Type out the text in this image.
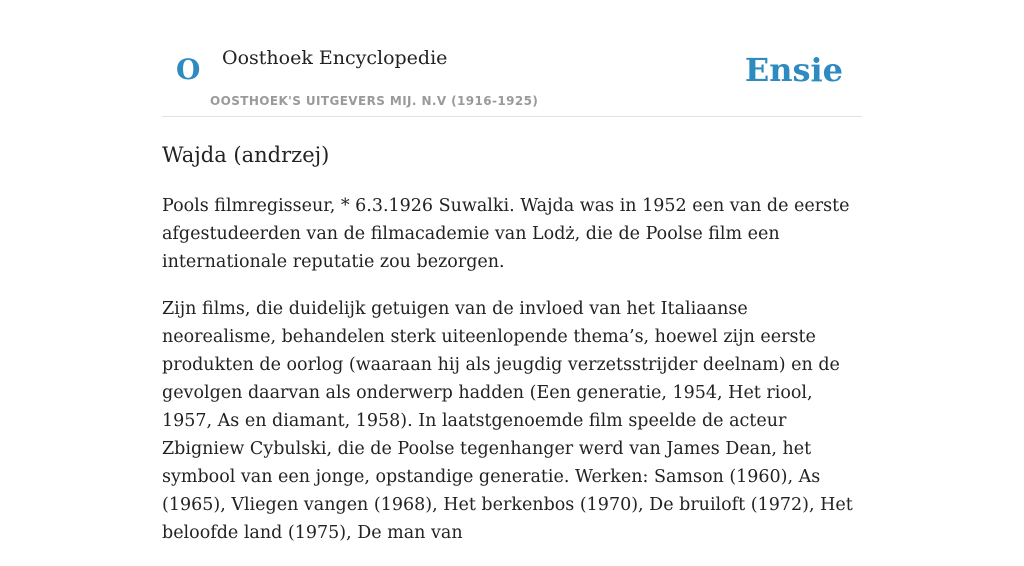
O Oosthoek Encyclopedie
OOSTHOEK'S UITGEVERS MIJ. N.V (1916-1925)
Ensie
Wajda (andrzej)

Pools filmregisseur, * 6.3.1926 Suwalki. Wajda was in 1952 een van de eerste afgestudeerden van de filmacademie van Lodż, die de Poolse film een internationale reputatie zou bezorgen.

Zijn films, die duidelijk getuigen van de invloed van het Italiaanse neorealisme, behandelen sterk uiteenlopende thema’s, hoewel zijn eerste produkten de oorlog (waaraan hij als jeugdig verzetsstrijder deelnam) en de gevolgen daarvan als onderwerp hadden (Een generatie, 1954, Het riool, 1957, As en diamant, 1958). In laatstgenoemde film speelde de acteur Zbigniew Cybulski, die de Poolse tegenhanger werd van James Dean, het symbool van een jonge, opstandige generatie. Werken: Samson (1960), As (1965), Vliegen vangen (1968), Het berkenbos (1970), De bruiloft (1972), Het beloofde land (1975), De man van
